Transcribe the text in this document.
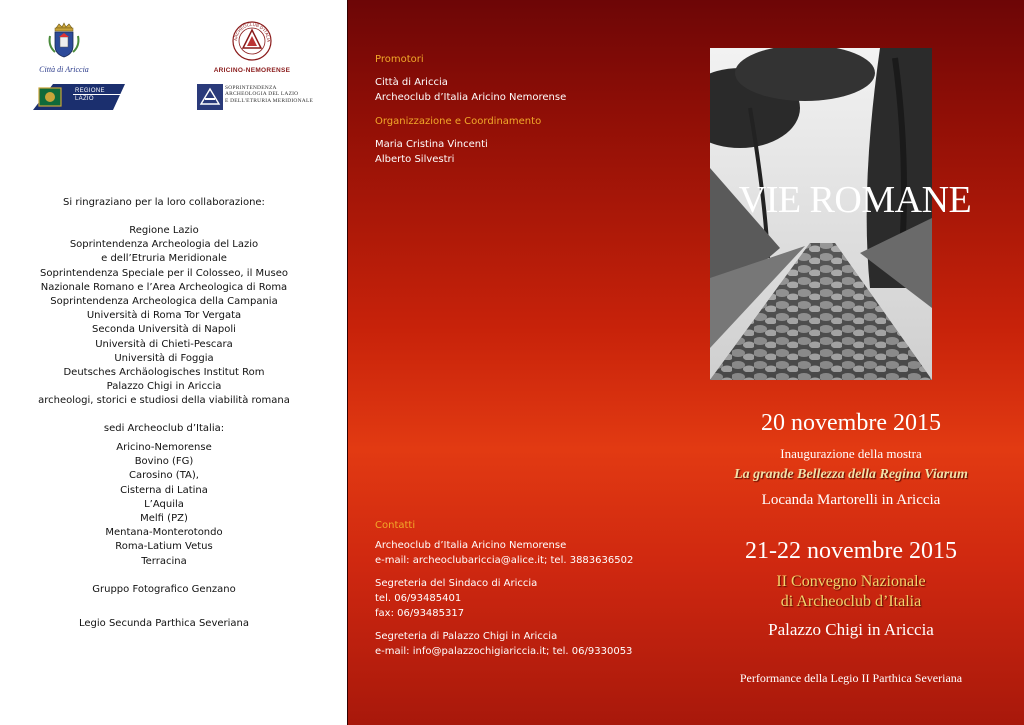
Città di Ariccia
ARCHEOCLUB D'ITALIA
ARICINO-NEMORENSE
REGIONE
LAZIO
SOPRINTENDENZA
ARCHEOLOGIA DEL LAZIO
E DELL'ETRURIA MERIDIONALE
Si ringraziano per la loro collaborazione:
Regione Lazio
Soprintendenza Archeologia del Lazio
e dell’Etruria Meridionale
Soprintendenza Speciale per il Colosseo, il Museo
Nazionale Romano e l’Area Archeologica di Roma
Soprintendenza Archeologica della Campania
Università di Roma Tor Vergata
Seconda Università di Napoli
Università di Chieti-Pescara
Università di Foggia
Deutsches Archäologisches Institut Rom
Palazzo Chigi in Ariccia
archeologi, storici e studiosi della viabilità romana
sedi Archeoclub d’Italia:
Aricino-Nemorense
Bovino (FG)
Carosino (TA),
Cisterna di Latina
L’Aquila
Melfi (PZ)
Mentana-Monterotondo
Roma-Latium Vetus
Terracina
Gruppo Fotografico Genzano
Legio Secunda Parthica Severiana
Promotori
Città di Ariccia
Archeoclub d’Italia Aricino Nemorense
Organizzazione e Coordinamento
Maria Cristina Vincenti
Alberto Silvestri
Contatti
Archeoclub d’Italia Aricino Nemorense
e-mail: archeoclubariccia@alice.it; tel. 3883636502
Segreteria del Sindaco di Ariccia
tel. 06/93485401
fax: 06/93485317
Segreteria di Palazzo Chigi in Ariccia
e-mail: info@palazzochigiariccia.it; tel. 06/9330053
VIE ROMANE
20 novembre 2015
Inaugurazione della mostra
La grande Bellezza della Regina Viarum
Locanda Martorelli in Ariccia
21-22 novembre 2015
II Convegno Nazionale
di Archeoclub d’Italia
Palazzo Chigi in Ariccia
Performance della Legio II Parthica Severiana
